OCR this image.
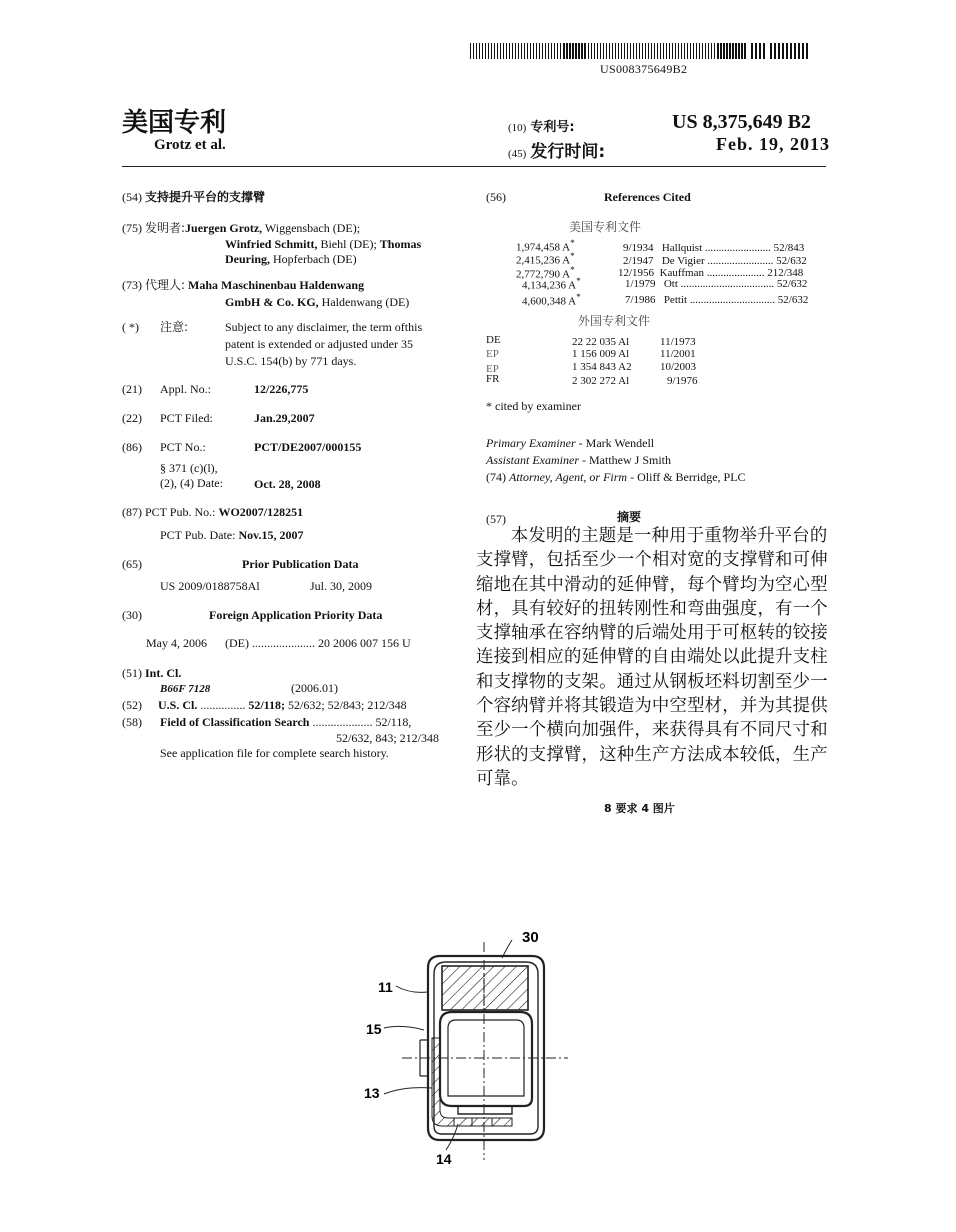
US008375649B2
美国专利
Grotz et al.
(10) 专利号:	US 8,375,649 B2
(45) 发行时间:	Feb. 19, 2013
(54) 支持提升平台的支撑臂
(75) 发明者:Juergen Grotz, Wiggensbach (DE);
Winfried Schmitt, Biehl (DE); Thomas
Deuring, Hopferbach (DE)
(73) 代理人: Maha Maschinenbau Haldenwang
GmbH & Co. KG, Haldenwang (DE)
( *) 注意:	Subject to any disclaimer, the term ofthis
patent is extended or adjusted under 35
U.S.C. 154(b) by 771 days.
(21) Appl. No.:	12/226,775
(22) PCT Filed:	Jan.29,2007
(86) PCT No.:	PCT/DE2007/000155
§ 371 (c)(l),
(2), (4) Date:	Oct. 28, 2008
(87) PCT Pub. No.: WO2007/128251
PCT Pub. Date: Nov.15, 2007
(65)	Prior Publication Data
US 2009/0188758Al	Jul. 30, 2009
(30)	Foreign Application Priority Data
May 4, 2006      (DE) ..................... 20 2006 007 156 U
(51) Int. Cl.
B66F 7128	(2006.01)
(52) U.S. Cl. ............... 52/118; 52/632; 52/843; 212/348
(58) Field of Classification Search .................... 52/118,
52/632, 843; 212/348
See application file for complete search history.
(56)	References Cited
美国专利文件
1,974,458 A*	9/1934 Hallquist ........................ 52/843
2,415,236 A*	2/1947 De Vigier ........................ 52/632
2,772,790 A*	12/1956 Kauffman ..................... 212/348
4,134,236 A*	1/1979 Ott .................................. 52/632
4,600,348 A*	7/1986 Pettit ............................... 52/632
外国专利文件
DE	22 22 035 Al	11/1973
EP	1 156 009 Al	11/2001
EP	1 354 843 A2	10/2003
FR	2 302 272 Al	9/1976
* cited by examiner
Primary Examiner - Mark Wendell
Assistant Examiner - Matthew J Smith
(74) Attorney, Agent, or Firm - Oliff & Berridge, PLC
(57)	摘要
本发明的主题是一种用于重物举升平台的支撑臂，包括至少一个相对宽的支撑臂和可伸缩地在其中滑动的延伸臂，每个臂均为空心型材，具有较好的扭转刚性和弯曲强度，有一个支撑轴承在容纳臂的后端处用于可枢转的铰接连接到相应的延伸臂的自由端处以此提升支柱和支撑物的支架。通过从钢板坯料切割至少一个容纳臂并将其锻造为中空型材，并为其提供至少一个横向加强件，来获得具有不同尺寸和形状的支撑臂，这种生产方法成本较低，生产可靠。
8 要求 4 图片
30
11
15
13
14
